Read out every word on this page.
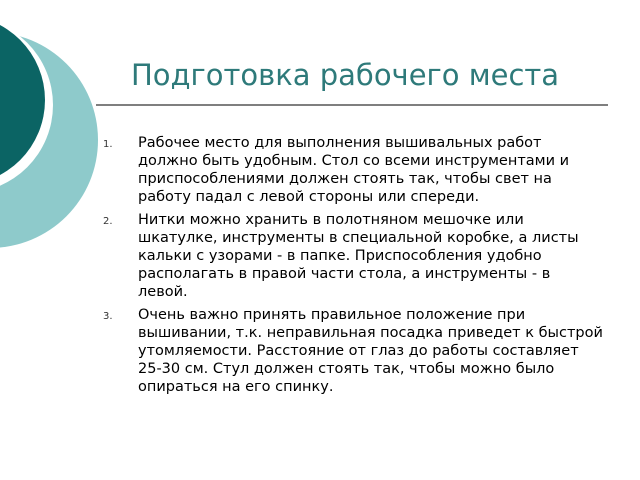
Подготовка рабочего места
1. Рабочее место для выполнения вышивальных работ должно быть удобным. Стол со всеми инструментами и приспособлениями должен стоять так, чтобы свет на работу падал с левой стороны или спереди.
2. Нитки можно хранить в полотняном мешочке или шкатулке, инструменты в специальной коробке, а листы кальки с узорами - в папке. Приспособления удобно располагать в правой части стола, а инструменты - в левой.
3. Очень важно принять правильное положение при вышивании, т.к. неправильная посадка приведет к быстрой утомляемости. Расстояние от глаз до работы составляет 25-30 см. Стул должен стоять так, чтобы можно было опираться на его спинку.
